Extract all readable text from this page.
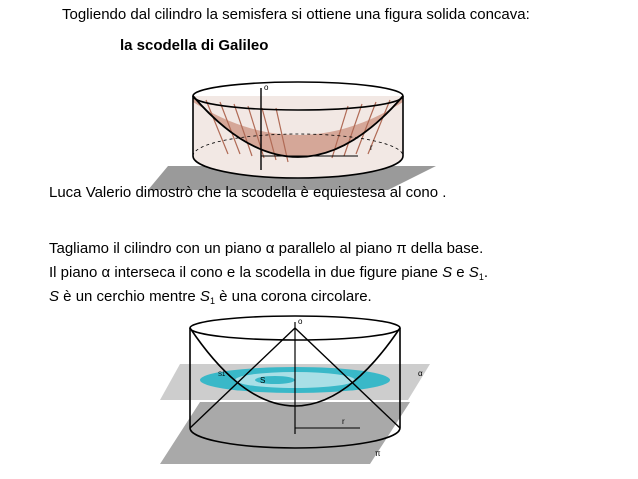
Togliendo dal cilindro la semisfera si ottiene una figura solida concava:
la scodella di Galileo
o
r
Luca Valerio dimostrò che la scodella è equiestesa al cono .
Tagliamo il cilindro con un piano α parallelo al piano π della base.
Il piano α interseca il cono e la scodella in due figure piane S e $S_1$.
S è un cerchio mentre $S_1$ è una corona circolare.
o
S
S1
r
α
π
